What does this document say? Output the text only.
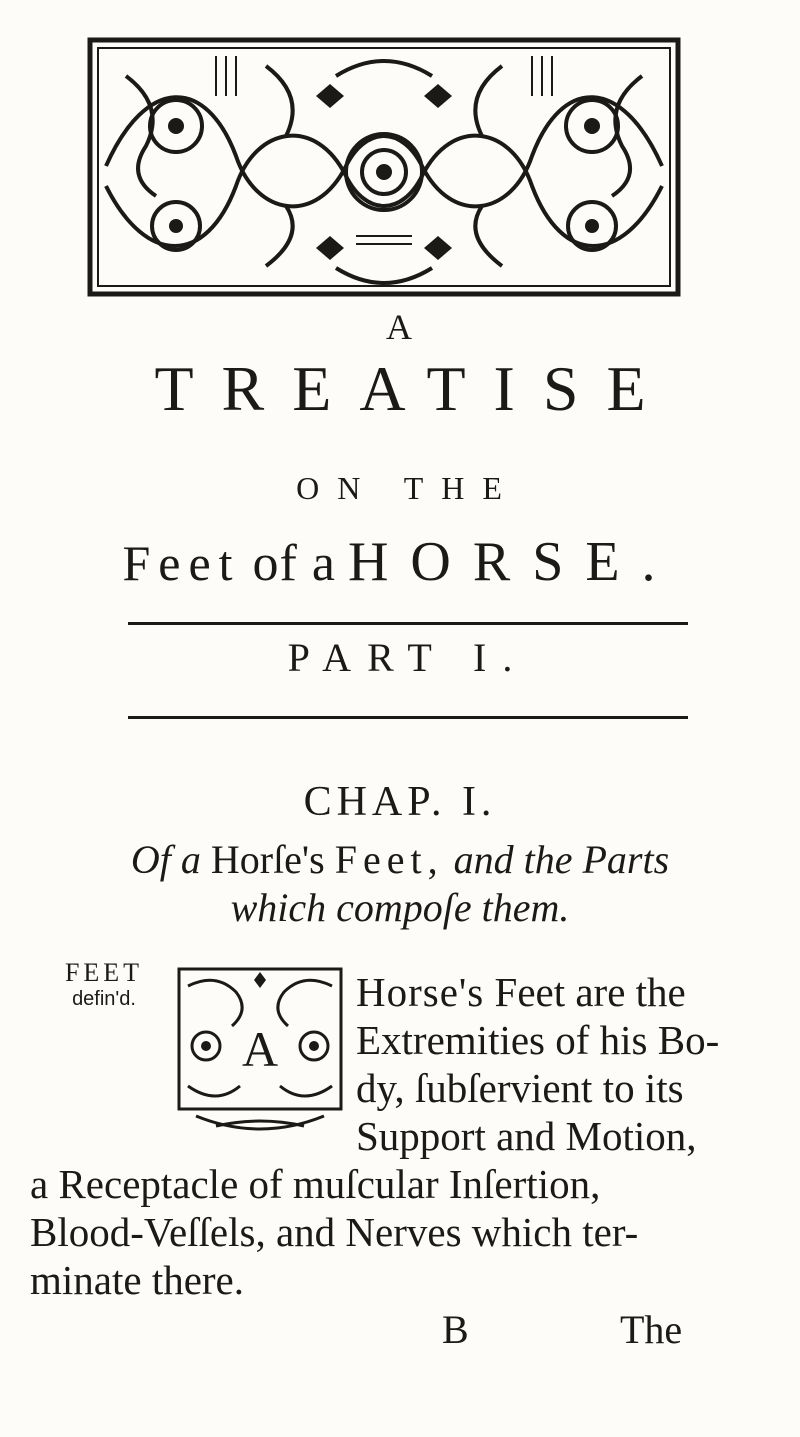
A
TREATISE
ON THE
Feet of a HORSE.
PART I.
CHAP. I.
Of a Horſe's Feet, and the Parts
which compoſe them.
FEET
defin'd.
A
Horse's Feet are the
Extremities of his Bo-
dy, ſubſervient to its
Support and Motion,
a Receptacle of muſcular Inſertion,
Blood-Veſſels, and Nerves which ter-
minate there.
B	The
